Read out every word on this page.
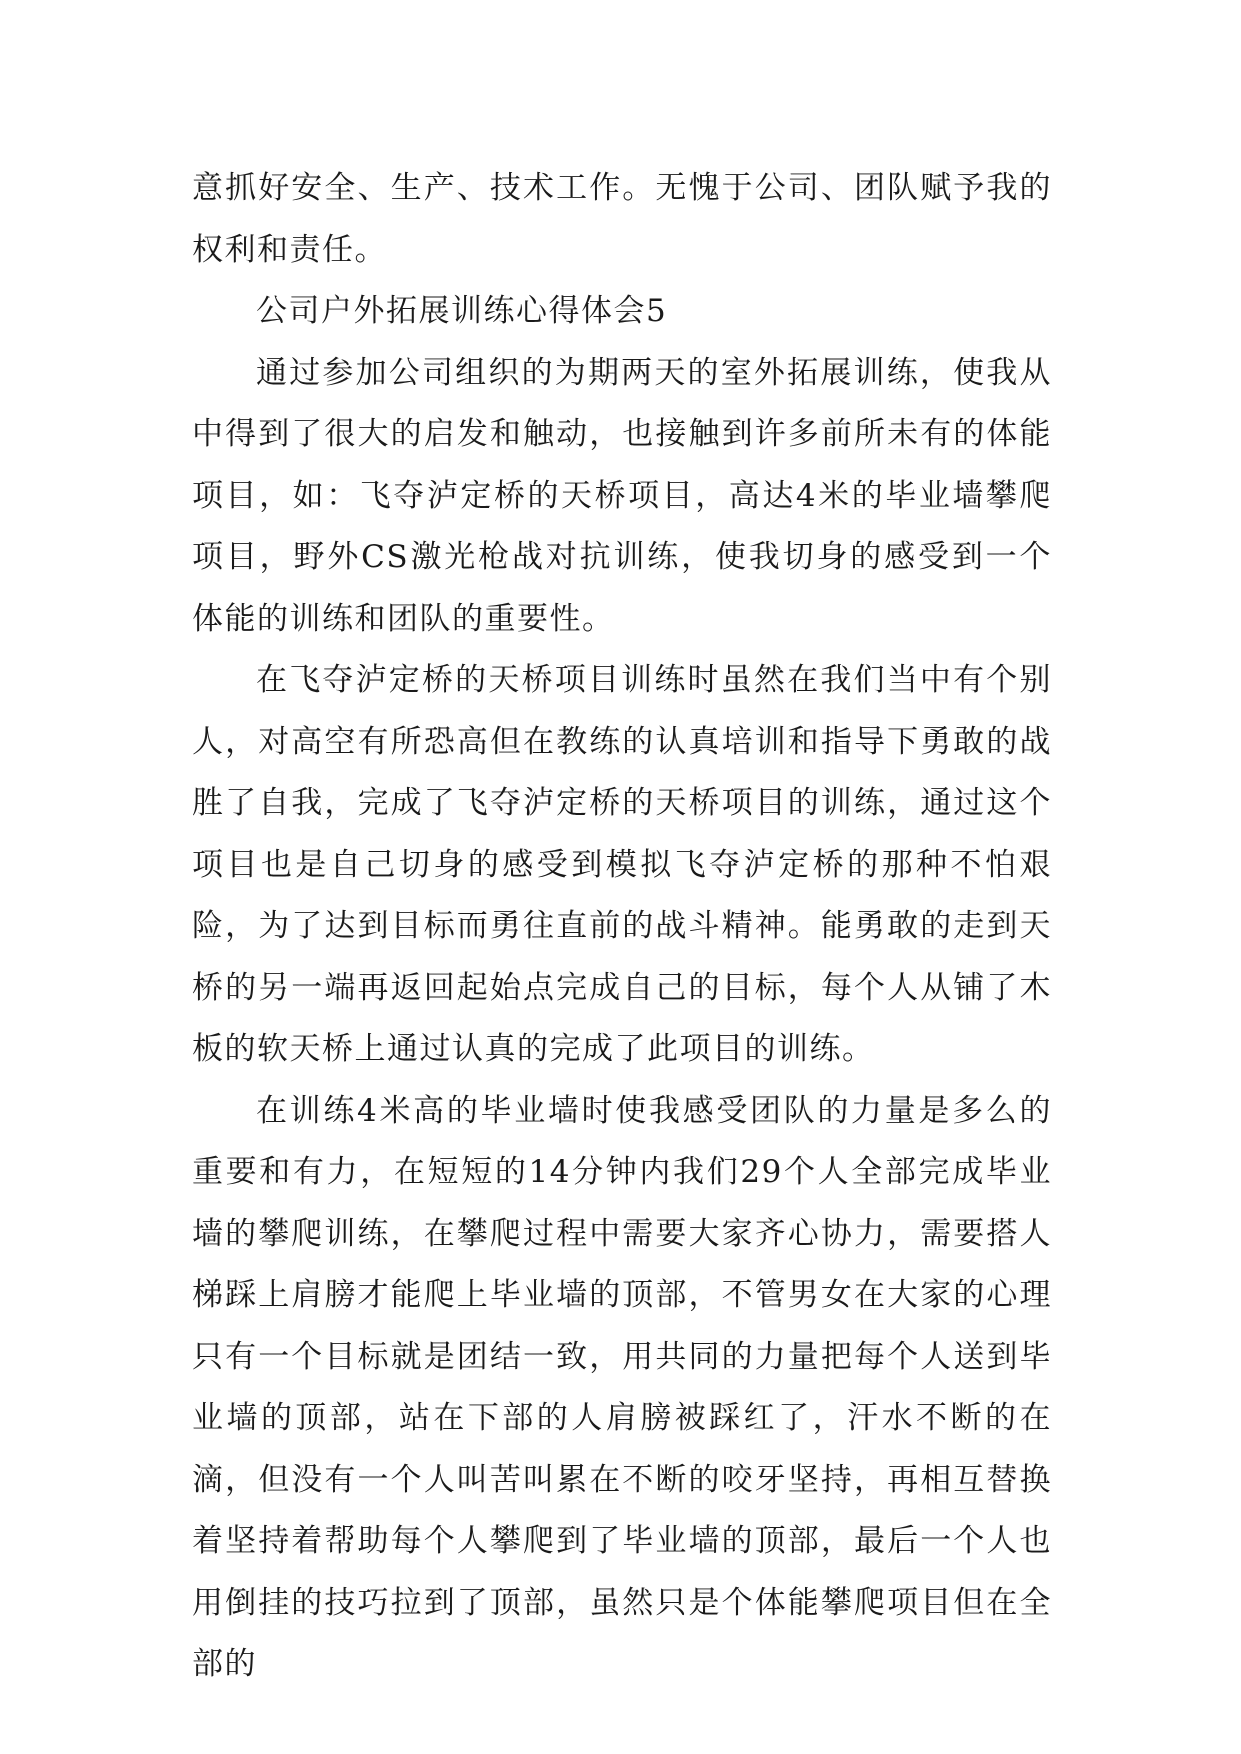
意抓好安全、生产、技术工作。无愧于公司、团队赋予我的权利和责任。

公司户外拓展训练心得体会5

通过参加公司组织的为期两天的室外拓展训练，使我从中得到了很大的启发和触动，也接触到许多前所未有的体能项目，如：飞夺泸定桥的天桥项目，高达4米的毕业墙攀爬项目，野外CS激光枪战对抗训练，使我切身的感受到一个体能的训练和团队的重要性。

在飞夺泸定桥的天桥项目训练时虽然在我们当中有个别人，对高空有所恐高但在教练的认真培训和指导下勇敢的战胜了自我，完成了飞夺泸定桥的天桥项目的训练，通过这个项目也是自己切身的感受到模拟飞夺泸定桥的那种不怕艰险，为了达到目标而勇往直前的战斗精神。能勇敢的走到天桥的另一端再返回起始点完成自己的目标，每个人从铺了木板的软天桥上通过认真的完成了此项目的训练。

在训练4米高的毕业墙时使我感受团队的力量是多么的重要和有力，在短短的14分钟内我们29个人全部完成毕业墙的攀爬训练，在攀爬过程中需要大家齐心协力，需要搭人梯踩上肩膀才能爬上毕业墙的顶部，不管男女在大家的心理只有一个目标就是团结一致，用共同的力量把每个人送到毕业墙的顶部，站在下部的人肩膀被踩红了，汗水不断的在滴，但没有一个人叫苦叫累在不断的咬牙坚持，再相互替换着坚持着帮助每个人攀爬到了毕业墙的顶部，最后一个人也用倒挂的技巧拉到了顶部，虽然只是个体能攀爬项目但在全部的
